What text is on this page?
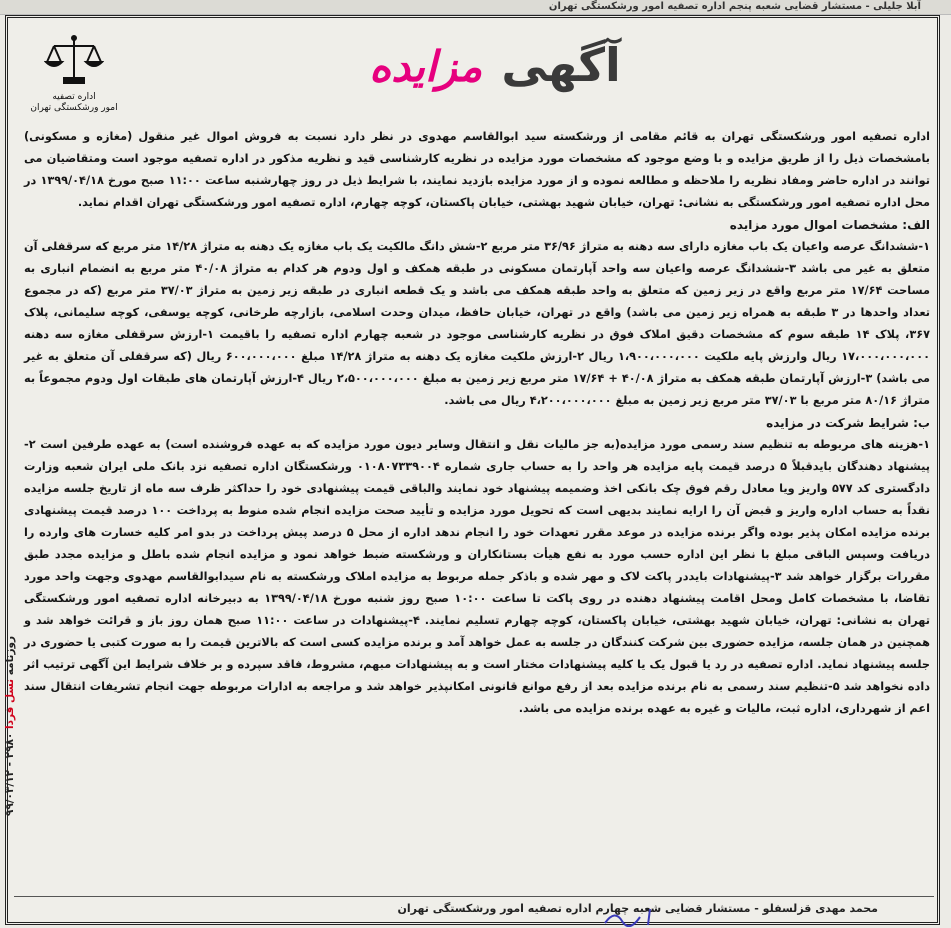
آبلا جلیلی - مستشار قضایی شعبه پنجم اداره تصفیه امور ورشکستگی تهران
روزنامه نسل فردا ۲۹۸۰ - ۹۹/۰۳/۱۲
اداره تصفیه
امور ورشکستگی تهران
آگهی مزایده

اداره تصفیه امور ورشکستگی تهران به قائم مقامی از ورشکسته سید ابوالقاسم مهدوی در نظر دارد نسبت به فروش اموال غیر منقول (مغازه و مسکونی) بامشخصات ذیل را از طریق مزایده و با وضع موجود که مشخصات مورد مزایده در نظریه کارشناسی قید و نظریه مذکور در اداره تصفیه موجود است ومتقاضیان می توانند در اداره حاضر ومفاد نظریه را ملاحظه و مطالعه نموده و از مورد مزایده بازدید نمایند، با شرایط ذیل در روز چهارشنبه ساعت ۱۱:۰۰ صبح مورخ ۱۳۹۹/۰۴/۱۸ در محل اداره تصفیه امور ورشکستگی به نشانی: تهران، خیابان شهید بهشتی، خیابان پاکستان، کوچه چهارم، اداره تصفیه امور ورشکستگی تهران اقدام نماید.

الف: مشخصات اموال مورد مزایده

۱-ششدانگ عرصه واعیان یک باب مغازه دارای سه دهنه به متراژ ۳۶/۹۶ متر مربع ۲-شش دانگ مالکیت یک باب مغازه یک دهنه به متراژ ۱۴/۲۸ متر مربع که سرقفلی آن متعلق به غیر می باشد ۳-ششدانگ عرصه واعیان سه واحد آپارتمان مسکونی در طبقه همکف و اول ودوم هر کدام به متراژ ۴۰/۰۸ متر مربع به انضمام انباری به مساحت ۱۷/۶۴ متر مربع واقع در زیر زمین که متعلق به واحد طبقه همکف می باشد و یک قطعه انباری در طبقه زیر زمین به متراژ ۳۷/۰۳ متر مربع (که در مجموع تعداد واحدها در ۳ طبقه به همراه زیر زمین می باشد) واقع در تهران، خیابان حافظ، میدان وحدت اسلامی، بازارچه طرخانی، کوچه یوسفی، کوچه سلیمانی، پلاک ۳۶۷، پلاک ۱۴ طبقه سوم که مشخصات دقیق املاک فوق در نظریه کارشناسی موجود در شعبه چهارم اداره تصفیه را باقیمت ۱-ارزش سرقفلی مغازه سه دهنه ۱۷،۰۰۰،۰۰۰،۰۰۰ ریال وارزش پایه ملکیت ۱،۹۰۰،۰۰۰،۰۰۰ ریال ۲-ارزش ملکیت مغازه یک دهنه به متراژ ۱۴/۲۸ مبلغ ۶۰۰،۰۰۰،۰۰۰ ریال (که سرقفلی آن متعلق به غیر می باشد) ۳-ارزش آپارتمان طبقه همکف به متراژ ۴۰/۰۸ + ۱۷/۶۴ متر مربع زیر زمین به مبلغ ۲،۵۰۰،۰۰۰،۰۰۰ ریال ۴-ارزش آپارتمان های طبقات اول ودوم مجموعاً به متراژ ۸۰/۱۶ متر مربع با ۳۷/۰۳ متر مربع زیر زمین به مبلغ ۴،۲۰۰،۰۰۰،۰۰۰ ریال می باشد.

ب: شرایط شرکت در مزایده

۱-هزینه های مربوطه به تنظیم سند رسمی مورد مزایده(به جز مالیات نقل و انتقال وسایر دیون مورد مزایده که به عهده فروشنده است) به عهده طرفین است ۲-پیشنهاد دهندگان بایدقبلاً ۵ درصد قیمت پایه مزایده هر واحد را به حساب جاری شماره ۰۱۰۸۰۷۳۳۹۰۰۴ ورشکستگان اداره تصفیه نزد بانک ملی ایران شعبه وزارت دادگستری کد ۵۷۷ واریز ویا معادل رقم فوق چک بانکی اخذ وضمیمه پیشنهاد خود نمایند والباقی قیمت پیشنهادی خود را حداکثر ظرف سه ماه از تاریخ جلسه مزایده نقداً به حساب اداره واریز و قبض آن را ارایه نمایند بدیهی است که تحویل مورد مزایده و تأیید صحت مزایده انجام شده منوط به پرداخت ۱۰۰ درصد قیمت پیشنهادی برنده مزایده امکان پذیر بوده واگر برنده مزایده در موعد مقرر تعهدات خود را انجام ندهد اداره از محل ۵ درصد پیش پرداخت در بدو امر کلیه خسارت های وارده را دریافت وسپس الباقی مبلغ با نظر این اداره حسب مورد به نفع هیأت بستانکاران و ورشکسته ضبط خواهد نمود و مزایده انجام شده باطل و مزایده مجدد طبق مقررات برگزار خواهد شد ۳-پیشنهادات بایددر پاکت لاک و مهر شده و باذکر جمله مربوط به مزایده املاک ورشکسته به نام سیدابوالقاسم مهدوی وجهت واحد مورد تقاضا، با مشخصات کامل ومحل اقامت پیشنهاد دهنده در روی پاکت تا ساعت ۱۰:۰۰ صبح روز شنبه مورخ ۱۳۹۹/۰۴/۱۸ به دبیرخانه اداره تصفیه امور ورشکستگی تهران به نشانی: تهران، خیابان شهید بهشتی، خیابان پاکستان، کوچه چهارم تسلیم نمایند. ۴-پیشنهادات در ساعت ۱۱:۰۰ صبح همان روز باز و قرائت خواهد شد و همچنین در همان جلسه، مزایده حضوری بین شرکت کنندگان در جلسه به عمل خواهد آمد و برنده مزایده کسی است که بالاترین قیمت را به صورت کتبی یا حضوری در جلسه پیشنهاد نماید. اداره تصفیه در رد یا قبول یک یا کلیه پیشنهادات مختار است و به پیشنهادات مبهم، مشروط، فاقد سپرده و بر خلاف شرایط این آگهی ترتیب اثر داده نخواهد شد ۵-تنظیم سند رسمی به نام برنده مزایده بعد از رفع موانع قانونی امکانپذیر خواهد شد و مراجعه به ادارات مربوطه جهت انجام تشریفات انتقال سند اعم از شهرداری، اداره ثبت، مالیات و غیره به عهده برنده مزایده می باشد.

محمد مهدی قزلسفلو - مستشار قضایی شعبه چهارم اداره تصفیه امور ورشکستگی تهران
